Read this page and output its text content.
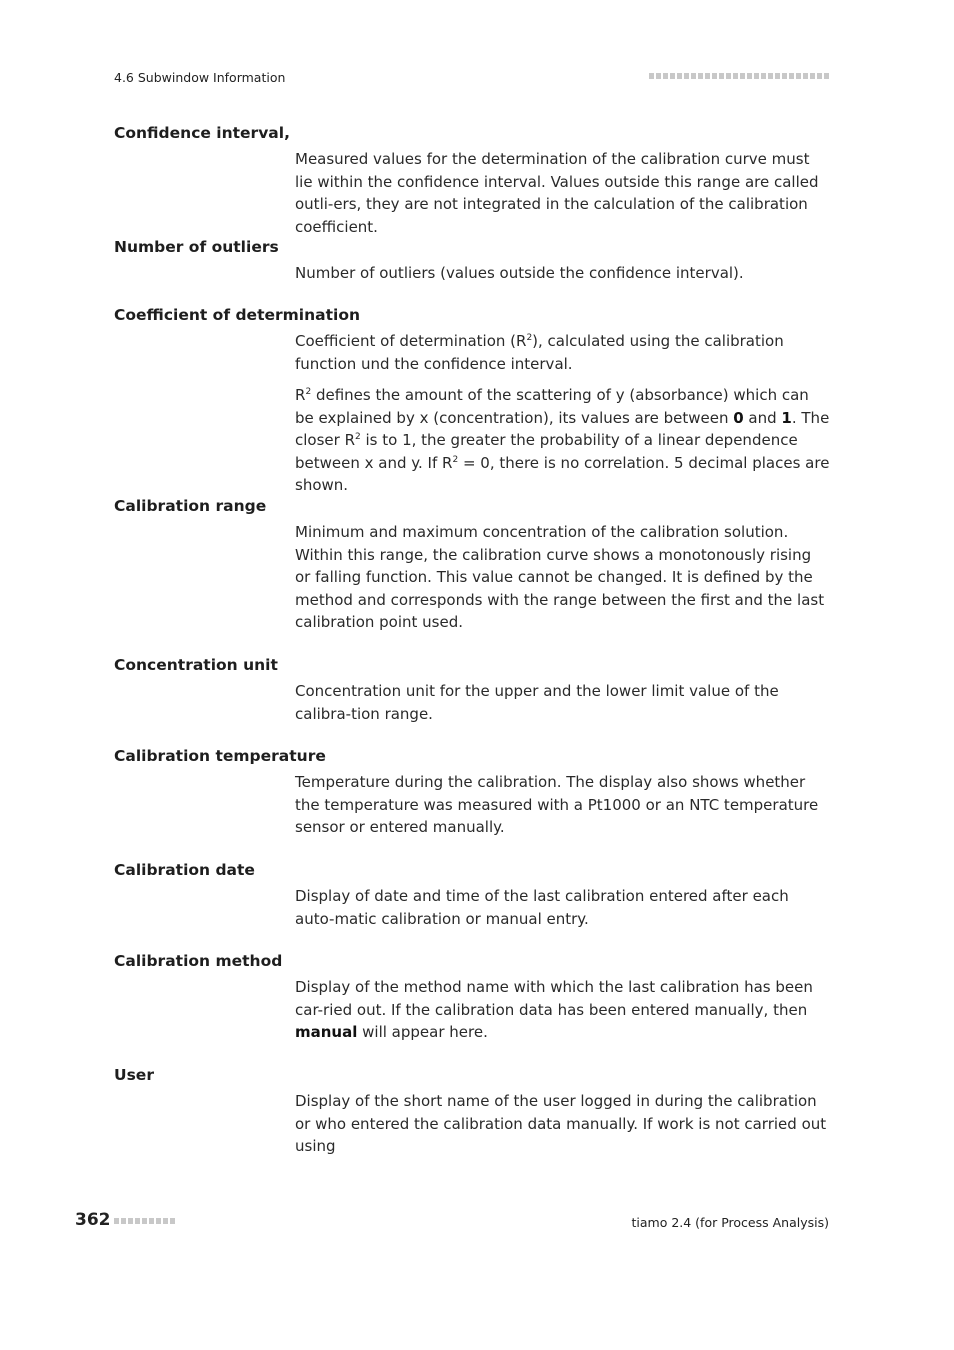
4.6 Subwindow Information
Confidence interval,

Measured values for the determination of the calibration curve must lie within the confidence interval. Values outside this range are called outli-ers, they are not integrated in the calculation of the calibration coefficient.

Number of outliers

Number of outliers (values outside the confidence interval).

Coefficient of determination

Coefficient of determination $(R^2)$, calculated using the calibration function und the confidence interval.

$R^2$ defines the amount of the scattering of y (absorbance) which can be explained by x (concentration), its values are between 0 and 1. The closer $R^2$ is to 1, the greater the probability of a linear dependence between x and y. If $R^2 = 0$, there is no correlation. 5 decimal places are shown.

Calibration range

Minimum and maximum concentration of the calibration solution. Within this range, the calibration curve shows a monotonously rising or falling function. This value cannot be changed. It is defined by the method and corresponds with the range between the first and the last calibration point used.

Concentration unit

Concentration unit for the upper and the lower limit value of the calibra-tion range.

Calibration temperature

Temperature during the calibration. The display also shows whether the temperature was measured with a Pt1000 or an NTC temperature sensor or entered manually.

Calibration date

Display of date and time of the last calibration entered after each auto-matic calibration or manual entry.

Calibration method

Display of the method name with which the last calibration has been car-ried out. If the calibration data has been entered manually, then manual will appear here.

User

Display of the short name of the user logged in during the calibration or who entered the calibration data manually. If work is not carried out using

362	tiamo 2.4 (for Process Analysis)
